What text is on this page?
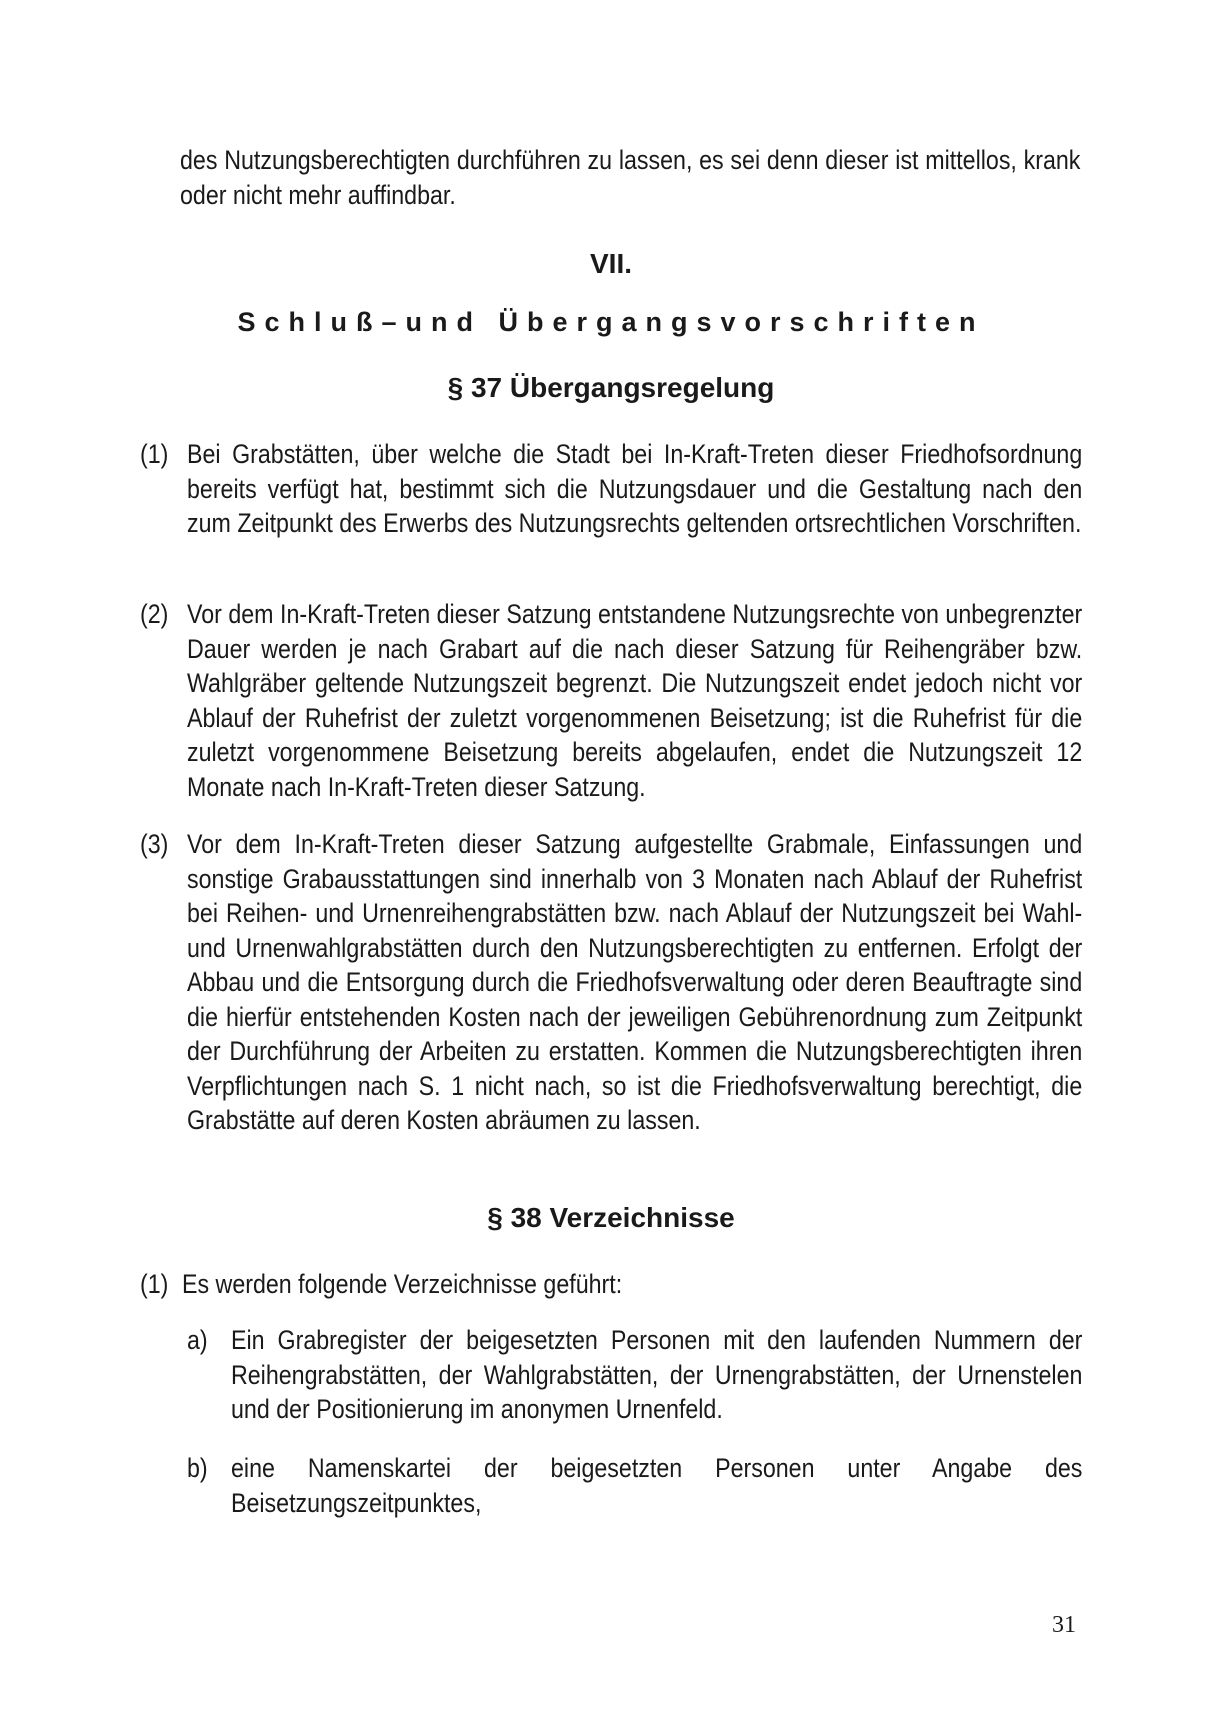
des Nutzungsberechtigten durchführen zu lassen, es sei denn dieser ist mittellos, krank oder nicht mehr auffindbar.
VII.
Schluß–und Übergangsvorschriften
§ 37 Übergangsregelung
(1) Bei Grabstätten, über welche die Stadt bei In-Kraft-Treten dieser Friedhofsordnung bereits verfügt hat, bestimmt sich die Nutzungsdauer und die Gestaltung nach den zum Zeitpunkt des Erwerbs des Nutzungsrechts geltenden ortsrechtlichen Vorschriften.
(2) Vor dem In-Kraft-Treten dieser Satzung entstandene Nutzungsrechte von unbegrenzter Dauer werden je nach Grabart auf die nach dieser Satzung für Reihengräber bzw. Wahlgräber geltende Nutzungszeit begrenzt. Die Nutzungszeit endet jedoch nicht vor Ablauf der Ruhefrist der zuletzt vorgenommenen Beisetzung; ist die Ruhefrist für die zuletzt vorgenommene Beisetzung bereits abgelaufen, endet die Nutzungszeit 12 Monate nach In-Kraft-Treten dieser Satzung.
(3) Vor dem In-Kraft-Treten dieser Satzung aufgestellte Grabmale, Einfassungen und sonstige Grabausstattungen sind innerhalb von 3 Monaten nach Ablauf der Ruhefrist bei Reihen- und Urnenreihengrabstätten bzw. nach Ablauf der Nutzungszeit bei Wahl- und Urnenwahlgrabstätten durch den Nutzungsberechtigten zu entfernen. Erfolgt der Abbau und die Entsorgung durch die Friedhofsverwaltung oder deren Beauftragte sind die hierfür entstehenden Kosten nach der jeweiligen Gebührenordnung zum Zeitpunkt der Durchführung der Arbeiten zu erstatten. Kommen die Nutzungsberechtigten ihren Verpflichtungen nach S. 1 nicht nach, so ist die Friedhofsverwaltung berechtigt, die Grabstätte auf deren Kosten abräumen zu lassen.
§ 38 Verzeichnisse
(1) Es werden folgende Verzeichnisse geführt:
a) Ein Grabregister der beigesetzten Personen mit den laufenden Nummern der Reihengrabstätten, der Wahlgrabstätten, der Urnengrabstätten, der Urnenstelen und der Positionierung im anonymen Urnenfeld.
b) eine Namenskartei der beigesetzten Personen unter Angabe des Beisetzungszeitpunktes,
31
